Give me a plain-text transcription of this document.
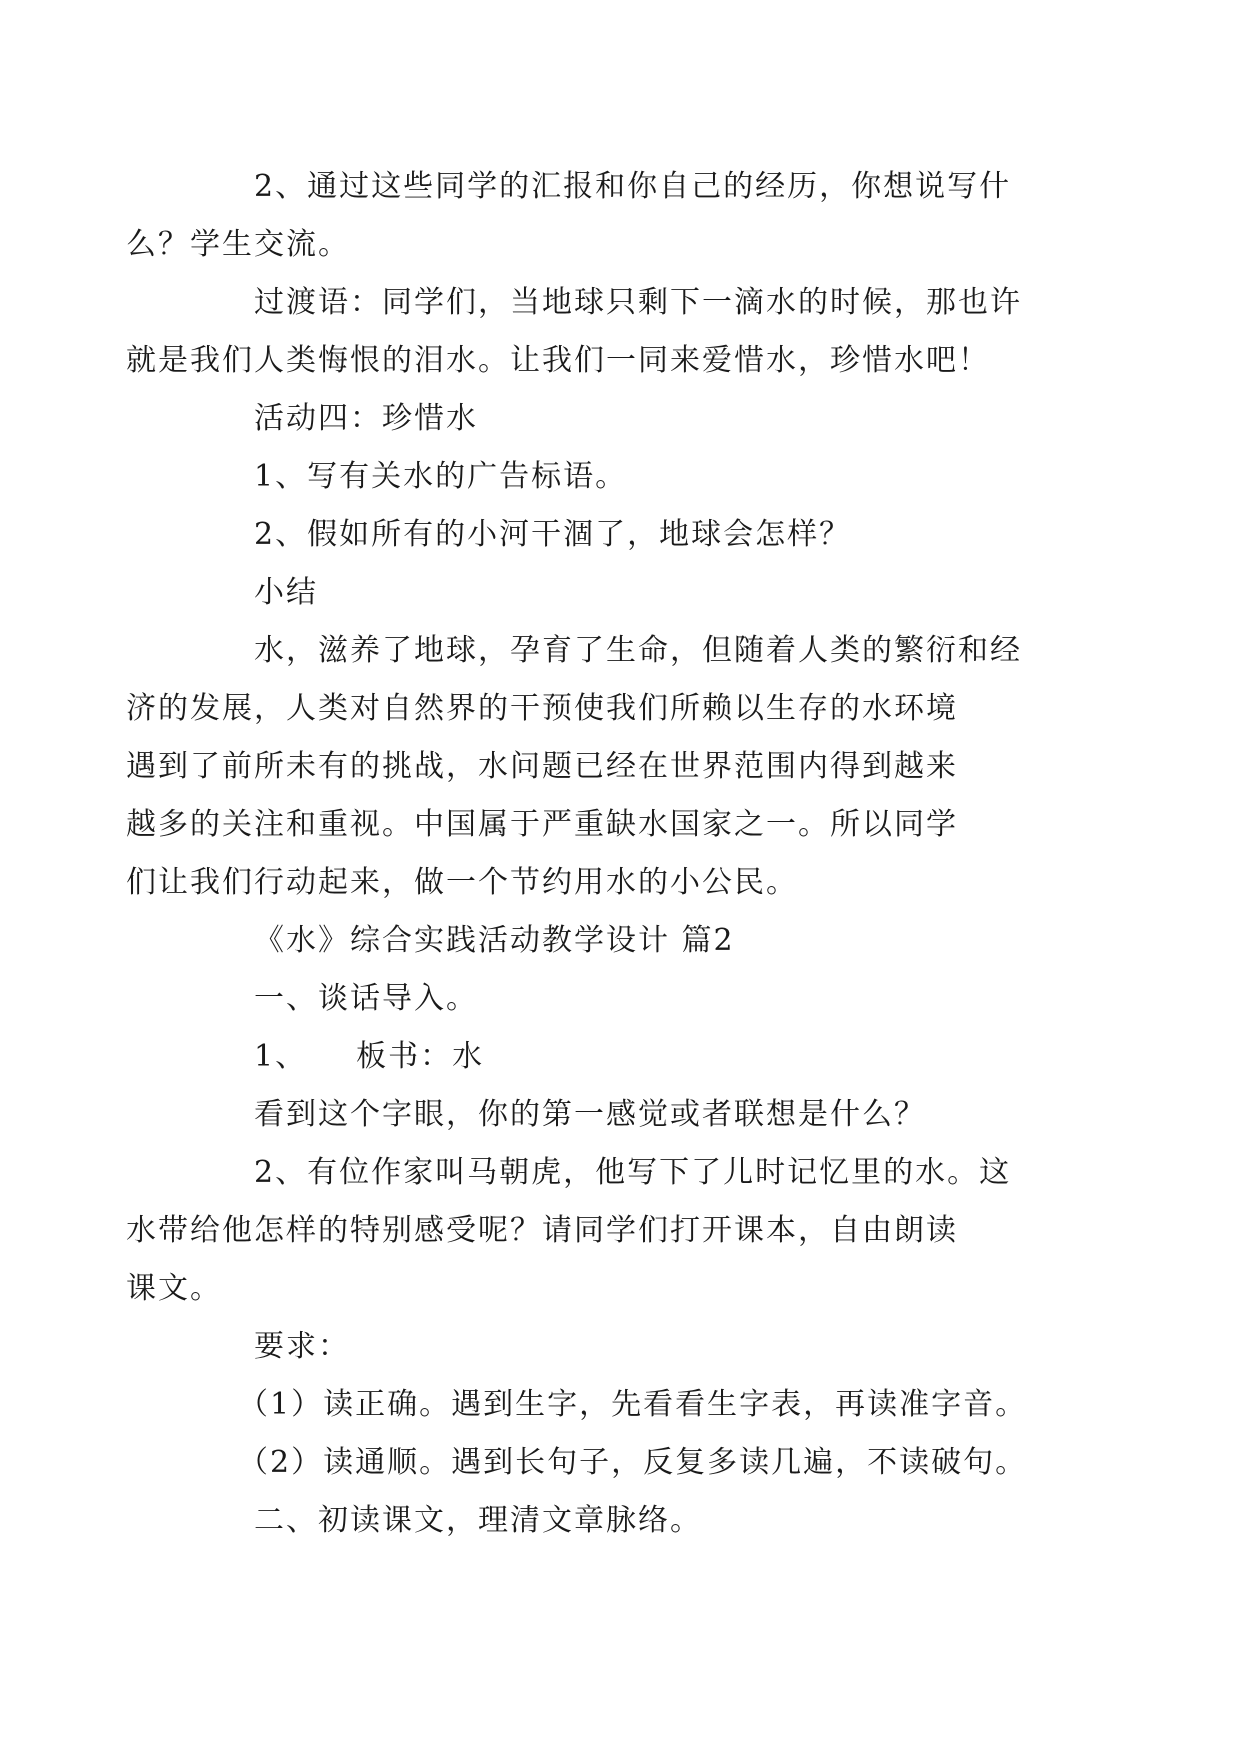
2、通过这些同学的汇报和你自己的经历，你想说写什
么？学生交流。

过渡语：同学们，当地球只剩下一滴水的时候，那也许
就是我们人类悔恨的泪水。让我们一同来爱惜水，珍惜水吧！

活动四：珍惜水

1、写有关水的广告标语。

2、假如所有的小河干涸了，地球会怎样？

小结

水，滋养了地球，孕育了生命，但随着人类的繁衍和经
济的发展，人类对自然界的干预使我们所赖以生存的水环境
遇到了前所未有的挑战，水问题已经在世界范围内得到越来
越多的关注和重视。中国属于严重缺水国家之一。所以同学
们让我们行动起来，做一个节约用水的小公民。

《水》综合实践活动教学设计 篇2

一、谈话导入。

1、　　板书：水

看到这个字眼，你的第一感觉或者联想是什么？

2、有位作家叫马朝虎，他写下了儿时记忆里的水。这
水带给他怎样的特别感受呢？请同学们打开课本，自由朗读
课文。

要求：

（1）读正确。遇到生字，先看看生字表，再读准字音。

（2）读通顺。遇到长句子，反复多读几遍，不读破句。

二、初读课文，理清文章脉络。
